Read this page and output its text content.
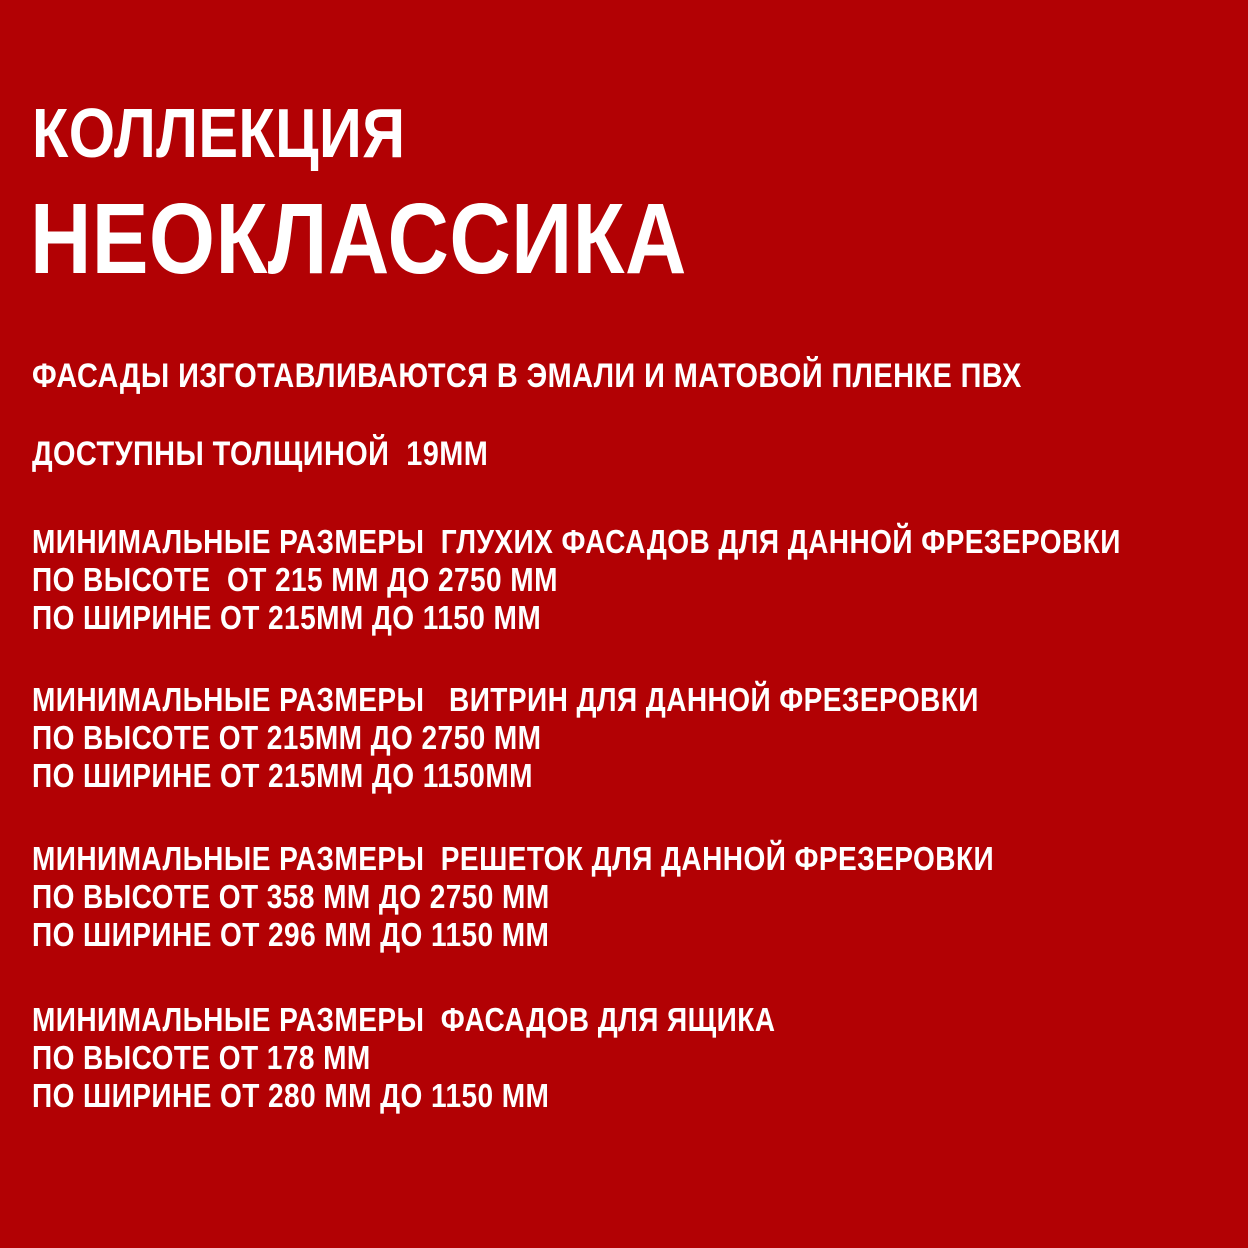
КОЛЛЕКЦИЯ
НЕОКЛАССИКА
ФАСАДЫ ИЗГОТАВЛИВАЮТСЯ В ЭМАЛИ И МАТОВОЙ ПЛЕНКЕ ПВХ
ДОСТУПНЫ ТОЛЩИНОЙ  19ММ
МИНИМАЛЬНЫЕ РАЗМЕРЫ  ГЛУХИХ ФАСАДОВ ДЛЯ ДАННОЙ ФРЕЗЕРОВКИ
ПО ВЫСОТЕ  ОТ 215 ММ ДО 2750 ММ
ПО ШИРИНЕ ОТ 215ММ ДО 1150 ММ
МИНИМАЛЬНЫЕ РАЗМЕРЫ   ВИТРИН ДЛЯ ДАННОЙ ФРЕЗЕРОВКИ
ПО ВЫСОТЕ ОТ 215ММ ДО 2750 ММ
ПО ШИРИНЕ ОТ 215ММ ДО 1150ММ
МИНИМАЛЬНЫЕ РАЗМЕРЫ  РЕШЕТОК ДЛЯ ДАННОЙ ФРЕЗЕРОВКИ
ПО ВЫСОТЕ ОТ 358 ММ ДО 2750 ММ
ПО ШИРИНЕ ОТ 296 ММ ДО 1150 ММ
МИНИМАЛЬНЫЕ РАЗМЕРЫ  ФАСАДОВ ДЛЯ ЯЩИКА
ПО ВЫСОТЕ ОТ 178 ММ
ПО ШИРИНЕ ОТ 280 ММ ДО 1150 ММ
